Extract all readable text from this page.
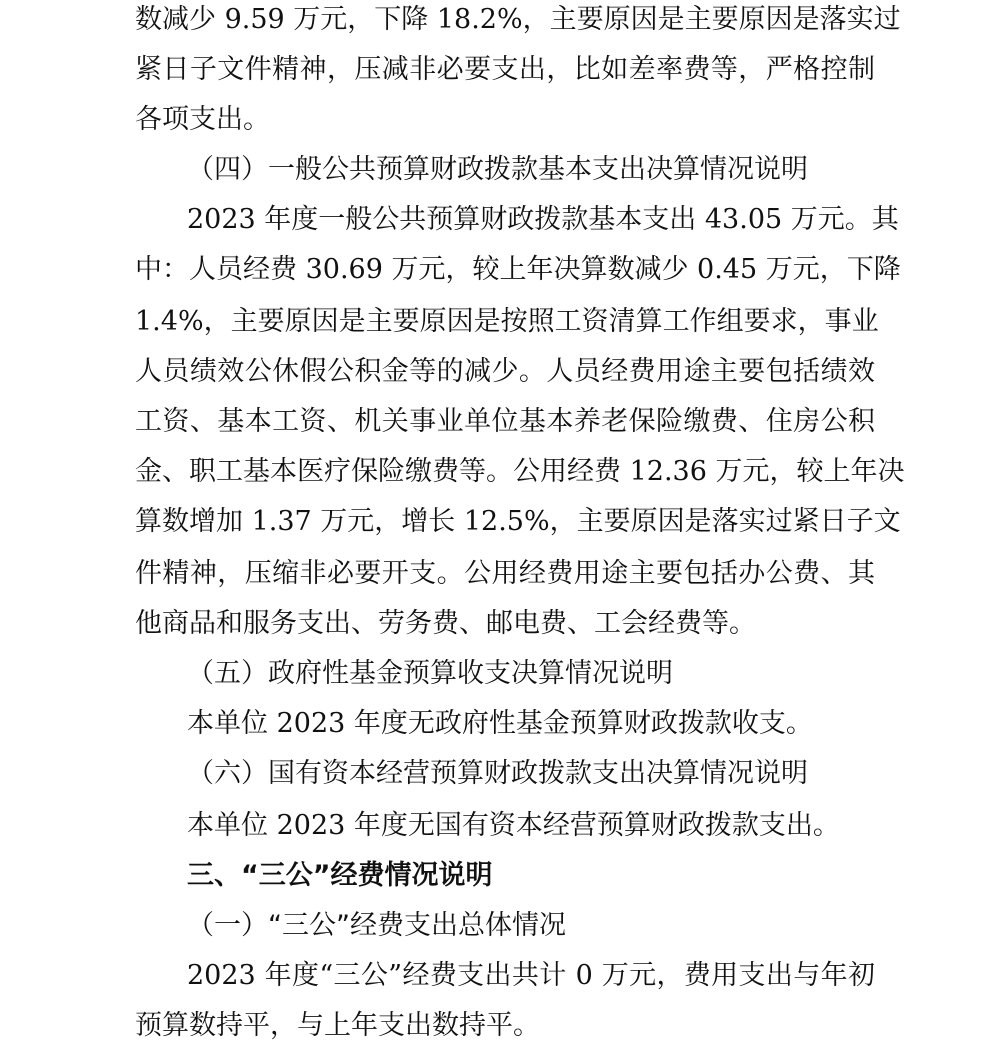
数减少 9.59 万元，下降 18.2%，主要原因是主要原因是落实过
紧日子文件精神，压减非必要支出，比如差率费等，严格控制
各项支出。
（四）一般公共预算财政拨款基本支出决算情况说明
2023 年度一般公共预算财政拨款基本支出 43.05 万元。其
中：人员经费 30.69 万元，较上年决算数减少 0.45 万元，下降
1.4%，主要原因是主要原因是按照工资清算工作组要求，事业
人员绩效公休假公积金等的减少。人员经费用途主要包括绩效
工资、基本工资、机关事业单位基本养老保险缴费、住房公积
金、职工基本医疗保险缴费等。公用经费 12.36 万元，较上年决
算数增加 1.37 万元，增长 12.5%，主要原因是落实过紧日子文
件精神，压缩非必要开支。公用经费用途主要包括办公费、其
他商品和服务支出、劳务费、邮电费、工会经费等。
（五）政府性基金预算收支决算情况说明
本单位 2023 年度无政府性基金预算财政拨款收支。
（六）国有资本经营预算财政拨款支出决算情况说明
本单位 2023 年度无国有资本经营预算财政拨款支出。
三、“三公”经费情况说明
（一）“三公”经费支出总体情况
2023 年度“三公”经费支出共计 0 万元，费用支出与年初
预算数持平，与上年支出数持平。
